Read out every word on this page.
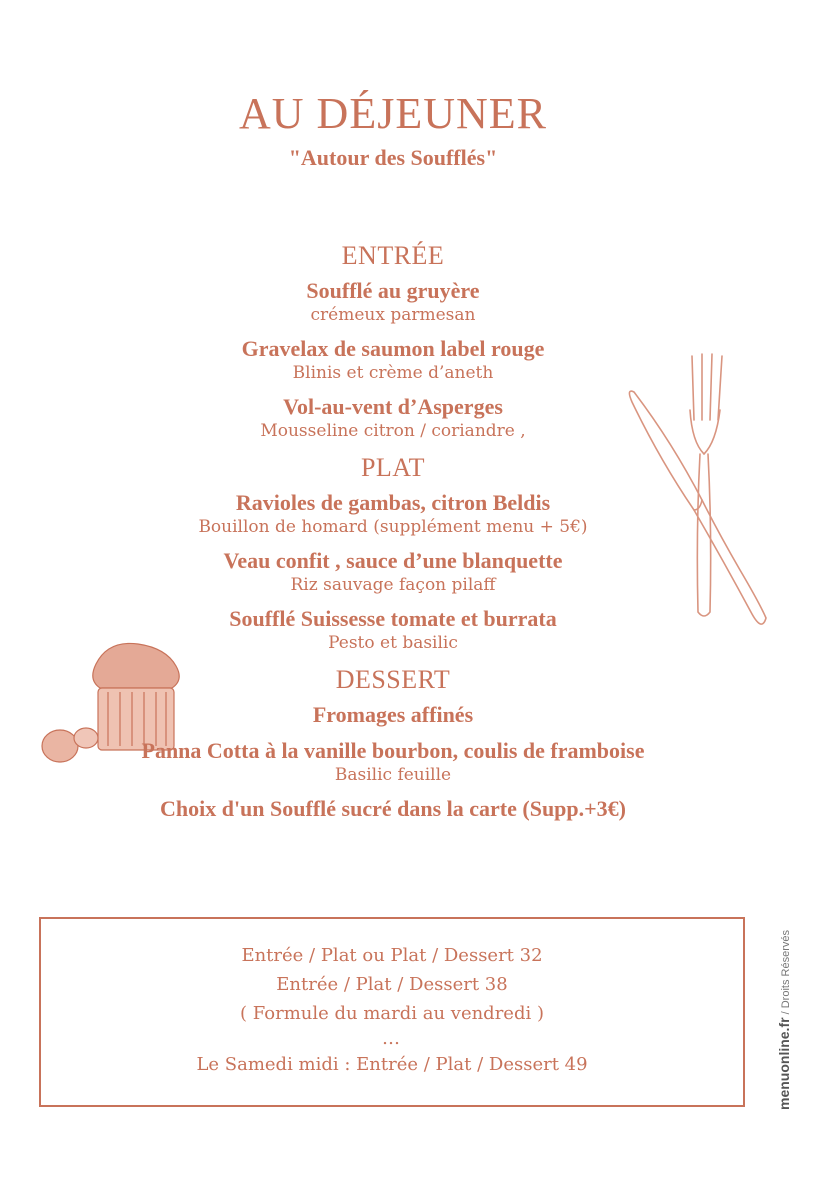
AU DÉJEUNER
"Autour des Soufflés"
ENTRÉE
Soufflé au gruyère
crémeux parmesan
Gravelax de saumon label rouge
Blinis et crème d’aneth
Vol-au-vent d’Asperges
Mousseline citron / coriandre ,
PLAT
Ravioles de gambas, citron Beldis
Bouillon de homard (supplément menu + 5€)
Veau confit , sauce d’une blanquette
Riz sauvage façon pilaff
Soufflé Suissesse tomate et burrata
Pesto et basilic
DESSERT
Fromages affinés
Panna Cotta à la vanille bourbon, coulis de framboise
Basilic feuille
Choix d'un Soufflé sucré dans la carte (Supp.+3€)
Entrée / Plat ou Plat / Dessert 32
Entrée / Plat / Dessert 38
( Formule du mardi au vendredi )
…
Le Samedi midi : Entrée / Plat / Dessert 49	menuonline.fr / Droits Réservés
